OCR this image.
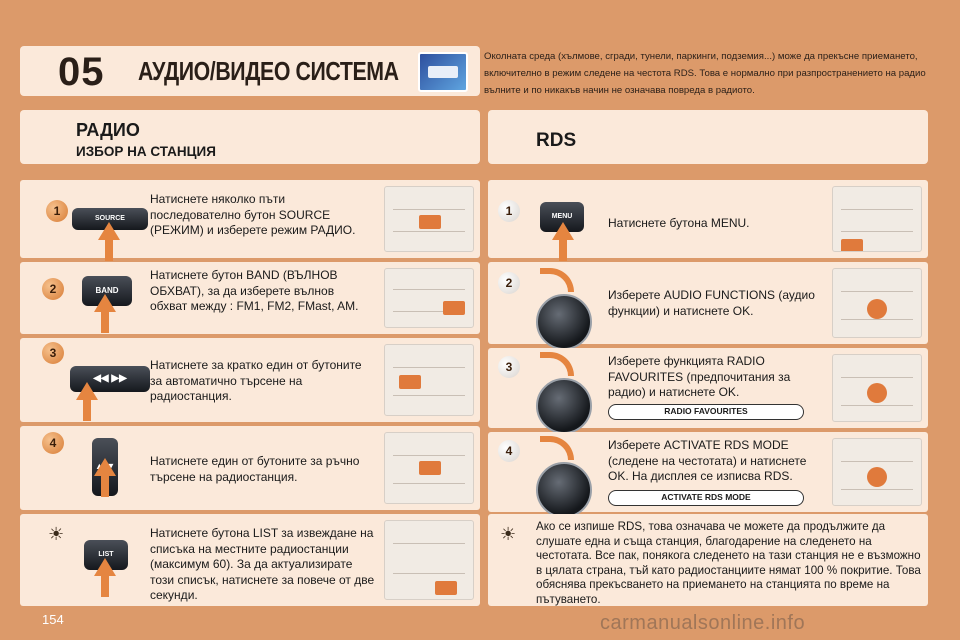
05 АУДИО/ВИДЕО СИСТЕМА	Околната среда (хълмове, сгради, тунели, паркинги, подземия...) може да прекъсне приемането, включително в режим следене на честота RDS. Това е нормално при разпространението на радио вълните и по никакъв начин не означава повреда в радиото.
РАДИО
ИЗБОР НА СТАНЦИЯ
RDS
Натиснете няколко пъти последователно бутон SOURCE (РЕЖИМ) и изберете режим РАДИО.
1
SOURCE
Натиснете бутон BAND (ВЪЛНОВ ОБХВАТ), за да изберете вълнов обхват между : FM1, FM2, FMast, AM.
2	BAND
Натиснете за кратко един от бутоните за автоматично търсене на радиостанция.
3
◀◀ ▶▶
Натиснете един от бутоните за ръчно търсене на радиостанция.
4
▲ ▼
Натиснете бутона LIST за извеждане на списъка на местните радиостанции (максимум 60). За да актуализирате този списък, натиснете за повече от две секунди.
☀
LIST
Натиснете бутона MENU.
1	MENU
Изберете AUDIO FUNCTIONS (аудио функции) и натиснете OK.
2
Изберете функцията RADIO FAVOURITES (предпочитания за радио) и натиснете OK.
RADIO FAVOURITES
3
Изберете ACTIVATE RDS MODE (следене на честотата) и натиснете OK. На дисплея се изписва RDS.
ACTIVATE RDS MODE
4
Ако се изпише RDS, това означава че можете да продължите да слушате една и съща станция, благодарение на следенето на честотата. Все пак, понякога следенето на тази станция не е възможно в цялата страна, тъй като радиостанциите нямат 100 % покритие. Това обяснява прекъсването на приемането на станцията по време на пътуването.
☀
154	carmanualsonline.info
